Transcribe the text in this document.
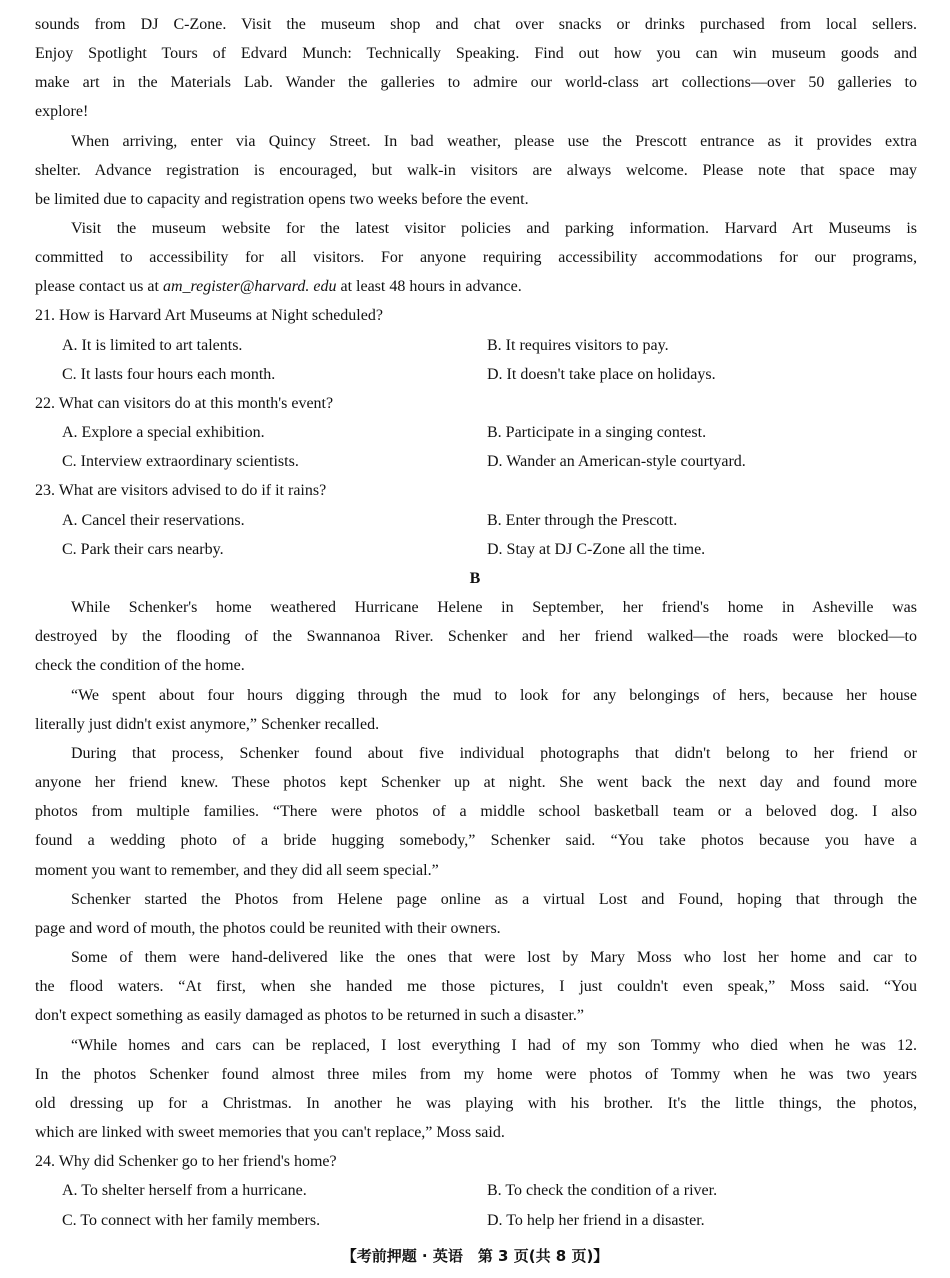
sounds from DJ C-Zone. Visit the museum shop and chat over snacks or drinks purchased from local sellers.
Enjoy Spotlight Tours of Edvard Munch: Technically Speaking. Find out how you can win museum goods and
make art in the Materials Lab. Wander the galleries to admire our world-class art collections—over 50 galleries to
explore!
When arriving, enter via Quincy Street. In bad weather, please use the Prescott entrance as it provides extra
shelter. Advance registration is encouraged, but walk-in visitors are always welcome. Please note that space may
be limited due to capacity and registration opens two weeks before the event.
Visit the museum website for the latest visitor policies and parking information. Harvard Art Museums is
committed to accessibility for all visitors. For anyone requiring accessibility accommodations for our programs,
please contact us at am_register@harvard. edu at least 48 hours in advance.
21. How is Harvard Art Museums at Night scheduled?
A. It is limited to art talents.	B. It requires visitors to pay.
C. It lasts four hours each month.	D. It doesn't take place on holidays.
22. What can visitors do at this month's event?
A. Explore a special exhibition.	B. Participate in a singing contest.
C. Interview extraordinary scientists.	D. Wander an American-style courtyard.
23. What are visitors advised to do if it rains?
A. Cancel their reservations.	B. Enter through the Prescott.
C. Park their cars nearby.	D. Stay at DJ C-Zone all the time.
B
While Schenker's home weathered Hurricane Helene in September, her friend's home in Asheville was
destroyed by the flooding of the Swannanoa River. Schenker and her friend walked—the roads were blocked—to
check the condition of the home.
“We spent about four hours digging through the mud to look for any belongings of hers, because her house
literally just didn't exist anymore,” Schenker recalled.
During that process, Schenker found about five individual photographs that didn't belong to her friend or
anyone her friend knew. These photos kept Schenker up at night. She went back the next day and found more
photos from multiple families. “There were photos of a middle school basketball team or a beloved dog. I also
found a wedding photo of a bride hugging somebody,” Schenker said. “You take photos because you have a
moment you want to remember, and they did all seem special.”
Schenker started the Photos from Helene page online as a virtual Lost and Found, hoping that through the
page and word of mouth, the photos could be reunited with their owners.
Some of them were hand-delivered like the ones that were lost by Mary Moss who lost her home and car to
the flood waters. “At first, when she handed me those pictures, I just couldn't even speak,” Moss said. “You
don't expect something as easily damaged as photos to be returned in such a disaster.”
“While homes and cars can be replaced, I lost everything I had of my son Tommy who died when he was 12.
In the photos Schenker found almost three miles from my home were photos of Tommy when he was two years
old dressing up for a Christmas. In another he was playing with his brother. It's the little things, the photos,
which are linked with sweet memories that you can't replace,” Moss said.
24. Why did Schenker go to her friend's home?
A. To shelter herself from a hurricane.	B. To check the condition of a river.
C. To connect with her family members.	D. To help her friend in a disaster.
【考前押题 · 英语　第 3 页(共 8 页)】
